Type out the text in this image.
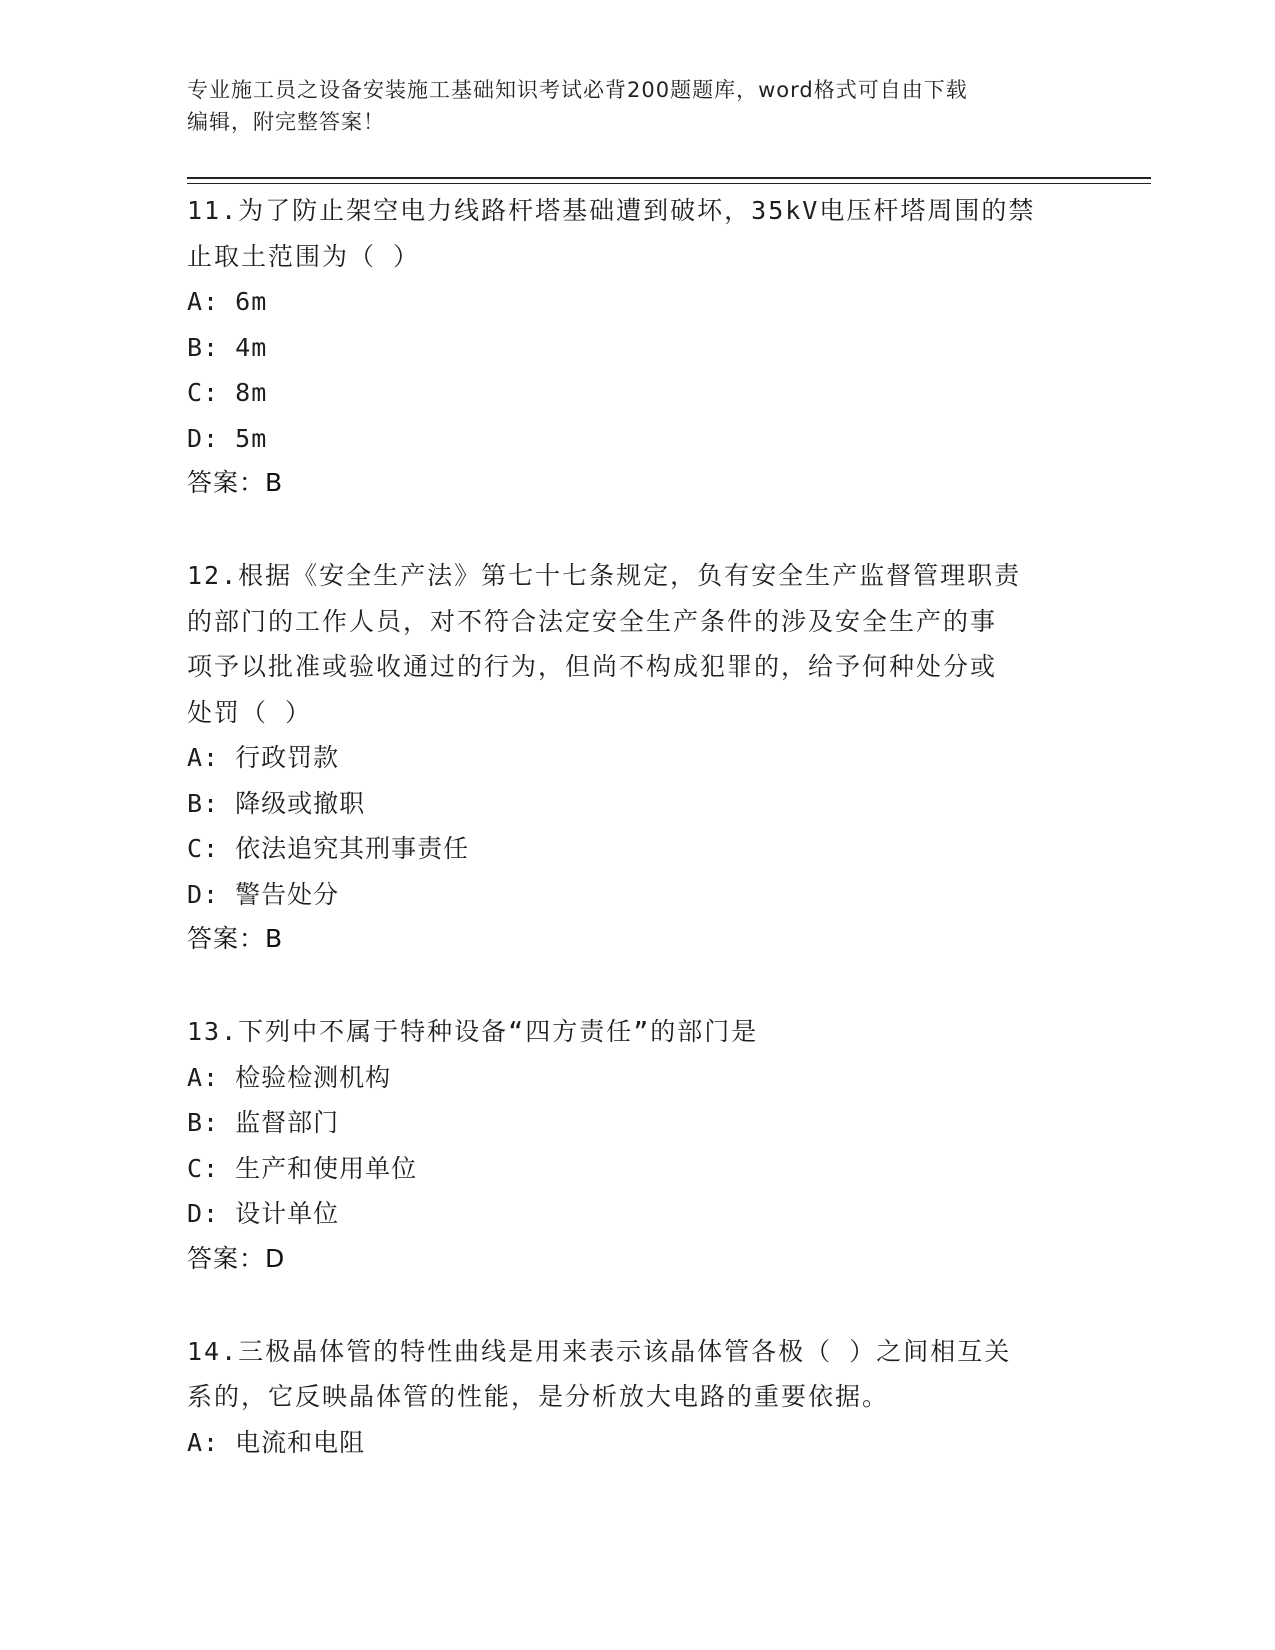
专业施工员之设备安装施工基础知识考试必背200题题库，word格式可自由下载
编辑，附完整答案！
11.为了防止架空电力线路杆塔基础遭到破坏，35kV电压杆塔周围的禁
止取土范围为（ ）
A: 6m
B: 4m
C: 8m
D: 5m
答案：B
12.根据《安全生产法》第七十七条规定，负有安全生产监督管理职责
的部门的工作人员，对不符合法定安全生产条件的涉及安全生产的事
项予以批准或验收通过的行为，但尚不构成犯罪的，给予何种处分或
处罚（ ）
A: 行政罚款
B: 降级或撤职
C: 依法追究其刑事责任
D: 警告处分
答案：B
13.下列中不属于特种设备“四方责任”的部门是
A: 检验检测机构
B: 监督部门
C: 生产和使用单位
D: 设计单位
答案：D
14.三极晶体管的特性曲线是用来表示该晶体管各极（ ）之间相互关
系的，它反映晶体管的性能，是分析放大电路的重要依据。
A: 电流和电阻
